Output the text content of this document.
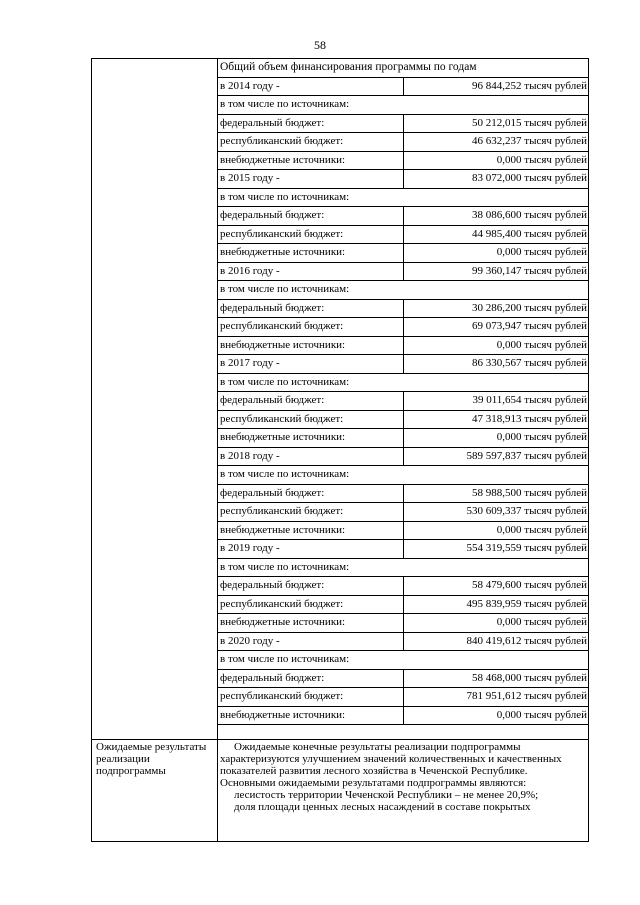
58
Общий объем финансирования программы по годам	
в 2014 году -	96 844,252 тысяч рублей
в том числе по источникам:	
федеральный бюджет:	50 212,015 тысяч рублей
республиканский бюджет:	46 632,237 тысяч рублей
внебюджетные источники:	0,000 тысяч рублей
в 2015 году -	83 072,000 тысяч рублей
в том числе по источникам:	
федеральный бюджет:	38 086,600 тысяч рублей
республиканский бюджет:	44 985,400 тысяч рублей
внебюджетные источники:	0,000 тысяч рублей
в 2016 году -	99 360,147 тысяч рублей
в том числе по источникам:	
федеральный бюджет:	30 286,200 тысяч рублей
республиканский бюджет:	69 073,947 тысяч рублей
внебюджетные источники:	0,000 тысяч рублей
в 2017 году -	86 330,567 тысяч рублей
в том числе по источникам:	
федеральный бюджет:	39 011,654 тысяч рублей
республиканский бюджет:	47 318,913 тысяч рублей
внебюджетные источники:	0,000 тысяч рублей
в 2018 году -	589 597,837 тысяч рублей
в том числе по источникам:	
федеральный бюджет:	58 988,500 тысяч рублей
республиканский бюджет:	530 609,337 тысяч рублей
внебюджетные источники:	0,000 тысяч рублей
в 2019 году -	554 319,559 тысяч рублей
в том числе по источникам:	
федеральный бюджет:	58 479,600 тысяч рублей
республиканский бюджет:	495 839,959 тысяч рублей
внебюджетные источники:	0,000 тысяч рублей
в 2020 году -	840 419,612 тысяч рублей
в том числе по источникам:	
федеральный бюджет:	58 468,000 тысяч рублей
республиканский бюджет:	781 951,612 тысяч рублей
внебюджетные источники:	0,000 тысяч рублей
Ожидаемые результаты реализации подпрограммы

Ожидаемые конечные результаты реализации подпрограммы характеризуются улучшением значений количественных и качественных показателей развития лесного хозяйства в Чеченской Республике.

Основными ожидаемыми результатами подпрограммы являются:

лесистость территории Чеченской Республики – не менее 20,9%;

доля площади ценных лесных насаждений в составе покрытых
